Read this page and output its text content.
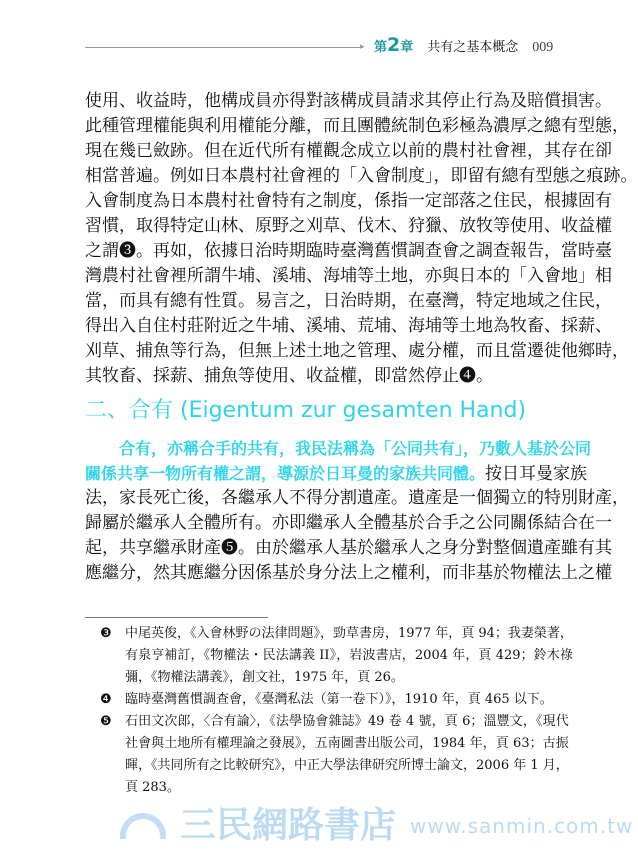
▸ 第2章 共有之基本概念 009
使用、收益時，他構成員亦得對該構成員請求其停止行為及賠償損害。
此種管理權能與利用權能分離，而且團體統制色彩極為濃厚之總有型態，
現在幾已斂跡。但在近代所有權觀念成立以前的農村社會裡，其存在卻
相當普遍。例如日本農村社會裡的「入會制度」，即留有總有型態之痕跡。
入會制度為日本農村社會特有之制度，係指一定部落之住民，根據固有
習慣，取得特定山林、原野之刈草、伐木、狩獵、放牧等使用、收益權
之謂❸。再如，依據日治時期臨時臺灣舊慣調查會之調查報告，當時臺
灣農村社會裡所謂牛埔、溪埔、海埔等土地，亦與日本的「入會地」相
當，而具有總有性質。易言之，日治時期，在臺灣，特定地域之住民，
得出入自住村莊附近之牛埔、溪埔、荒埔、海埔等土地為牧畜、採薪、
刈草、捕魚等行為，但無上述土地之管理、處分權，而且當遷徙他鄉時，
其牧畜、採薪、捕魚等使用、收益權，即當然停止❹。
二、合有 (Eigentum zur gesamten Hand)
合有，亦稱合手的共有，我民法稱為「公同共有」，乃數人基於公同
關係共享一物所有權之謂，導源於日耳曼的家族共同體。按日耳曼家族
法，家長死亡後，各繼承人不得分割遺產。遺產是一個獨立的特別財產，
歸屬於繼承人全體所有。亦即繼承人全體基於合手之公同關係結合在一
起，共享繼承財產❺。由於繼承人基於繼承人之身分對整個遺產雖有其
應繼分，然其應繼分因係基於身分法上之權利，而非基於物權法上之權
❸	中尾英俊，《入會林野の法律問題》，勁草書房，1977 年，頁 94；我妻榮著，
有泉亨補訂，《物權法・民法講義 II》，岩波書店，2004 年，頁 429；鈴木祿
彌，《物權法講義》，創文社，1975 年，頁 26。
❹	臨時臺灣舊慣調查會，《臺灣私法（第一卷下）》，1910 年，頁 465 以下。
❺	石田文次郎，〈合有論〉，《法學協會雜誌》49 卷 4 號，頁 6；溫豐文，《現代
社會與土地所有權理論之發展》，五南圖書出版公司，1984 年，頁 63；古振
暉，《共同所有之比較研究》，中正大學法律研究所博士論文，2006 年 1 月，
頁 283。
三民網路書店 www.sanmin.com.tw
